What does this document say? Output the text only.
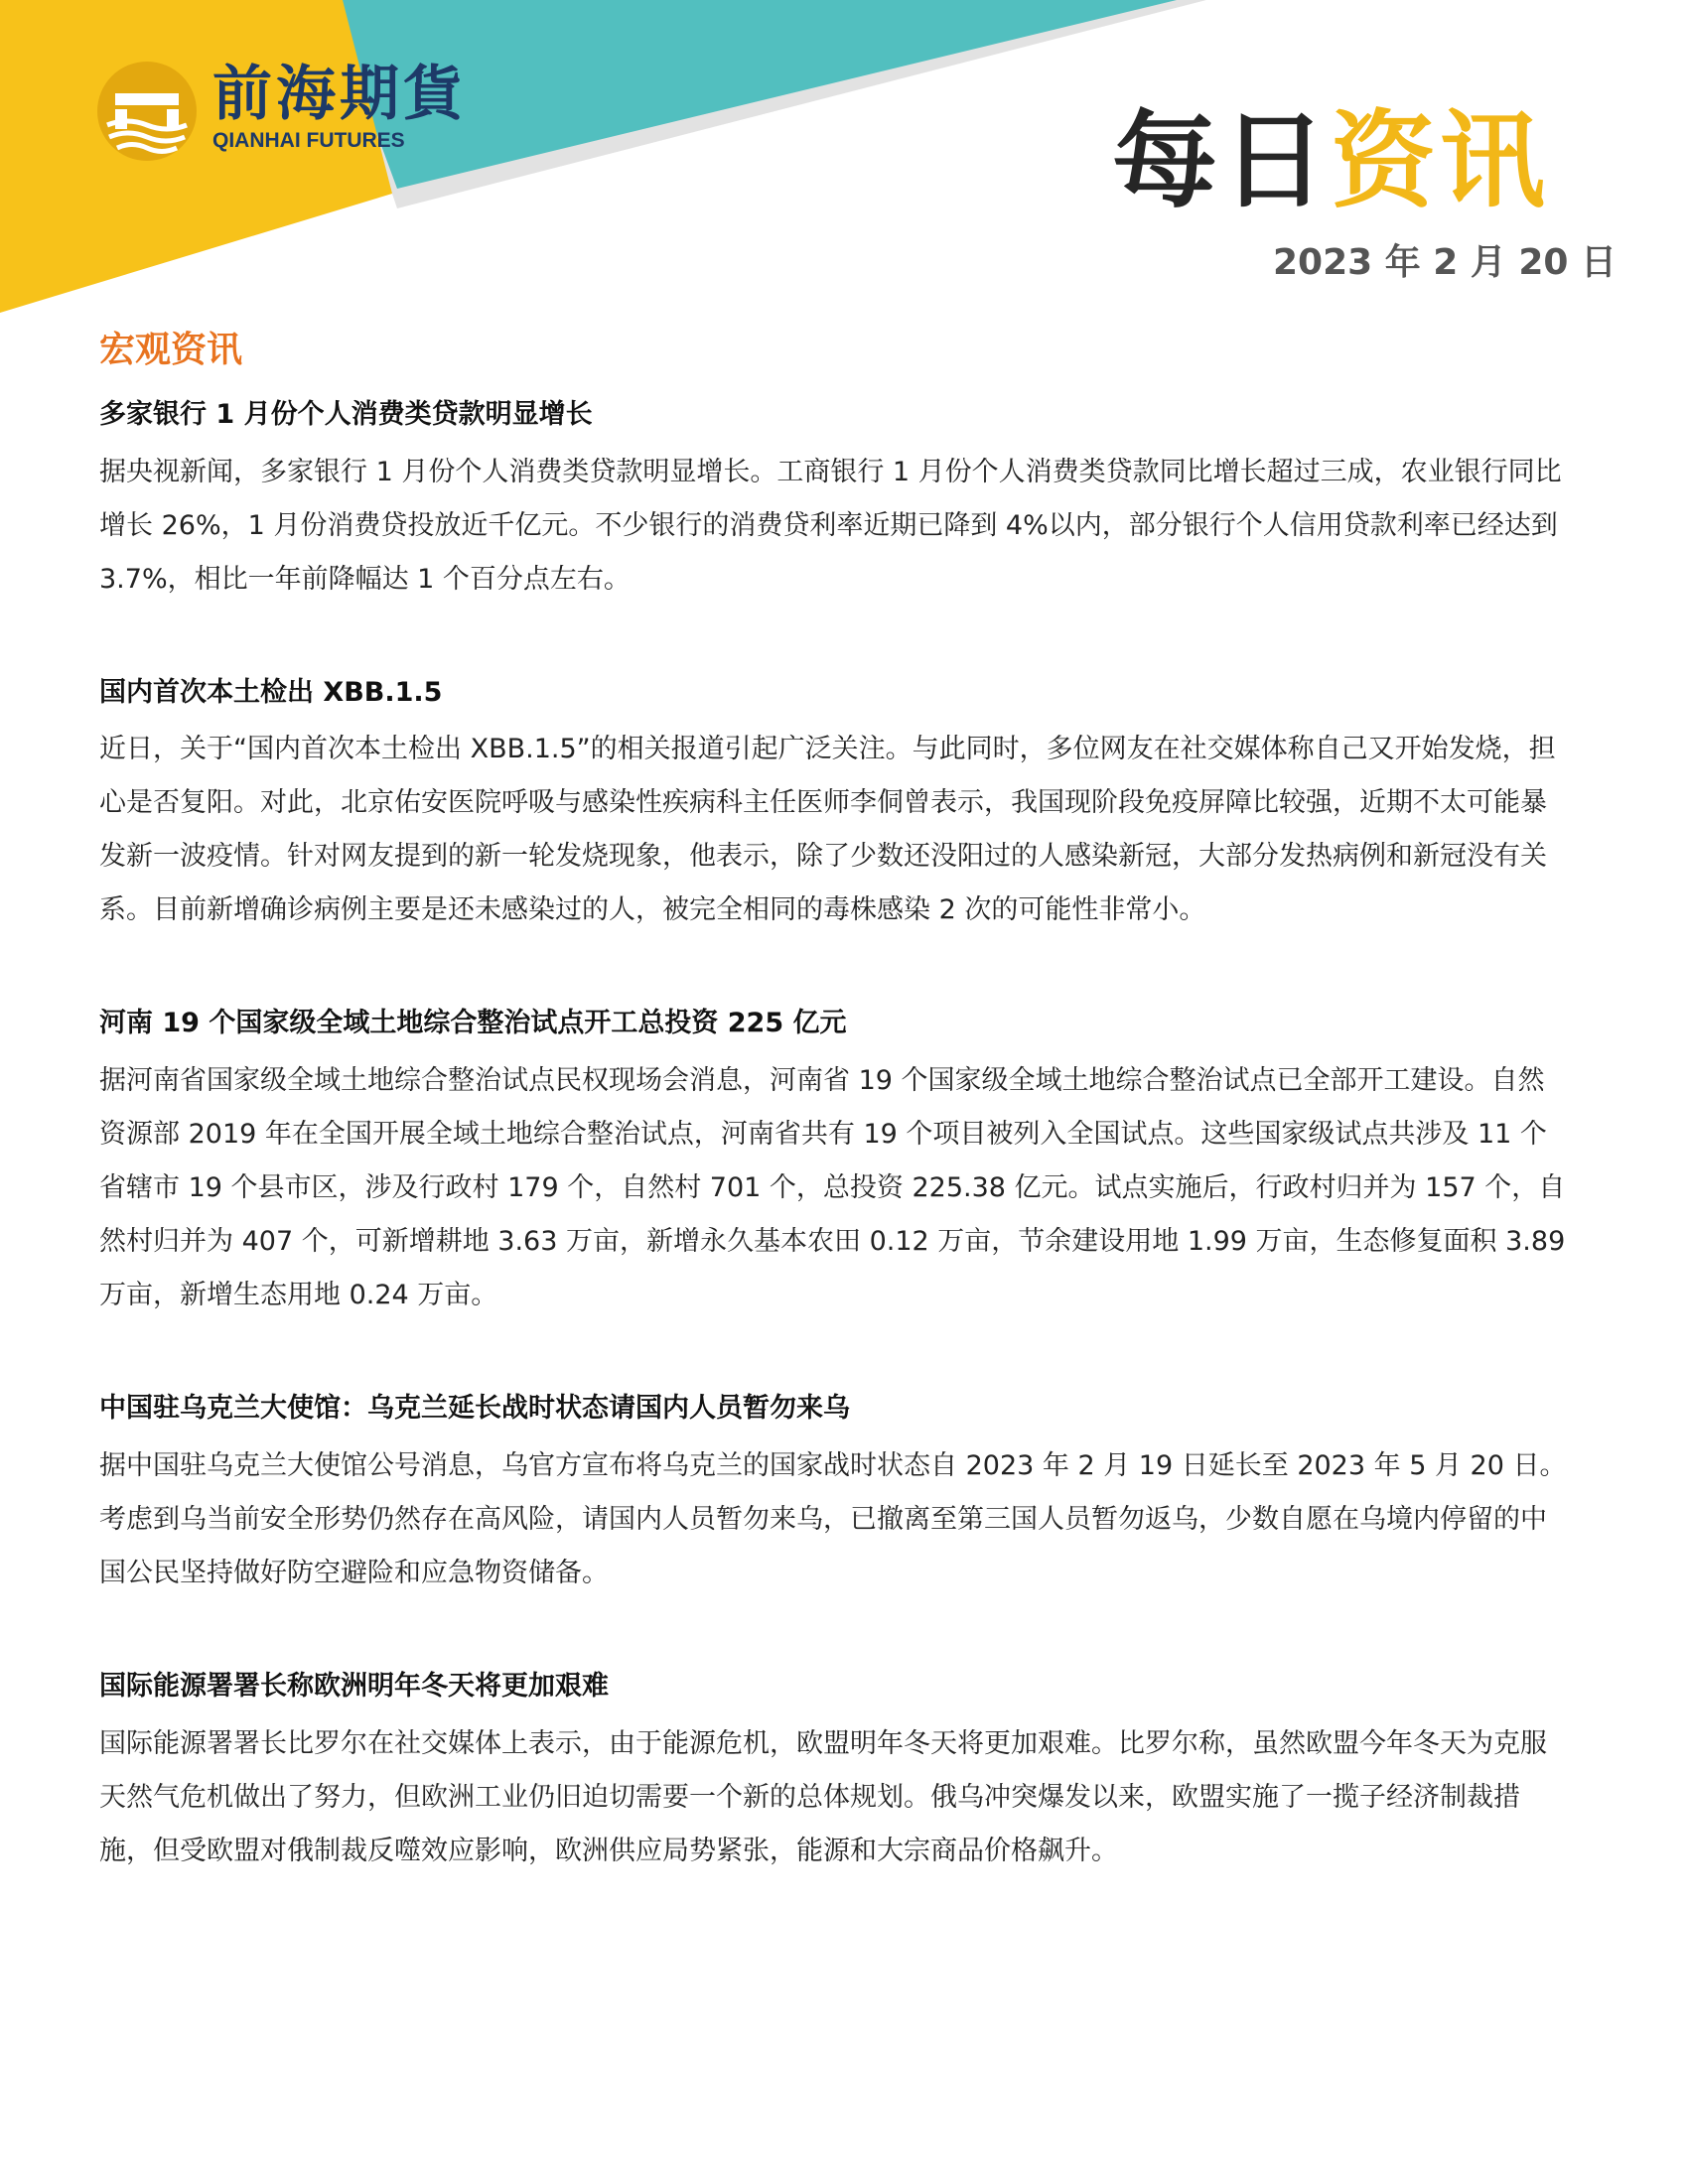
前海期貨
QIANHAI FUTURES	每日资讯
2023 年 2 月 20 日
宏观资讯
多家银行 1 月份个人消费类贷款明显增长

据央视新闻，多家银行 1 月份个人消费类贷款明显增长。工商银行 1 月份个人消费类贷款同比增长超过三成，农业银行同比增长 26%，1 月份消费贷投放近千亿元。不少银行的消费贷利率近期已降到 4%以内，部分银行个人信用贷款利率已经达到 3.7%，相比一年前降幅达 1 个百分点左右。

国内首次本土检出 XBB.1.5

近日，关于“国内首次本土检出 XBB.1.5”的相关报道引起广泛关注。与此同时，多位网友在社交媒体称自己又开始发烧，担心是否复阳。对此，北京佑安医院呼吸与感染性疾病科主任医师李侗曾表示，我国现阶段免疫屏障比较强，近期不太可能暴发新一波疫情。针对网友提到的新一轮发烧现象，他表示，除了少数还没阳过的人感染新冠，大部分发热病例和新冠没有关系。目前新增确诊病例主要是还未感染过的人，被完全相同的毒株感染 2 次的可能性非常小。

河南 19 个国家级全域土地综合整治试点开工总投资 225 亿元

据河南省国家级全域土地综合整治试点民权现场会消息，河南省 19 个国家级全域土地综合整治试点已全部开工建设。自然资源部 2019 年在全国开展全域土地综合整治试点，河南省共有 19 个项目被列入全国试点。这些国家级试点共涉及 11 个省辖市 19 个县市区，涉及行政村 179 个，自然村 701 个，总投资 225.38 亿元。试点实施后，行政村归并为 157 个，自然村归并为 407 个，可新增耕地 3.63 万亩，新增永久基本农田 0.12 万亩，节余建设用地 1.99 万亩，生态修复面积 3.89 万亩，新增生态用地 0.24 万亩。

中国驻乌克兰大使馆：乌克兰延长战时状态请国内人员暂勿来乌

据中国驻乌克兰大使馆公号消息，乌官方宣布将乌克兰的国家战时状态自 2023 年 2 月 19 日延长至 2023 年 5 月 20 日。考虑到乌当前安全形势仍然存在高风险，请国内人员暂勿来乌，已撤离至第三国人员暂勿返乌，少数自愿在乌境内停留的中国公民坚持做好防空避险和应急物资储备。

国际能源署署长称欧洲明年冬天将更加艰难

国际能源署署长比罗尔在社交媒体上表示，由于能源危机，欧盟明年冬天将更加艰难。比罗尔称，虽然欧盟今年冬天为克服天然气危机做出了努力，但欧洲工业仍旧迫切需要一个新的总体规划。俄乌冲突爆发以来，欧盟实施了一揽子经济制裁措施，但受欧盟对俄制裁反噬效应影响，欧洲供应局势紧张，能源和大宗商品价格飙升。
